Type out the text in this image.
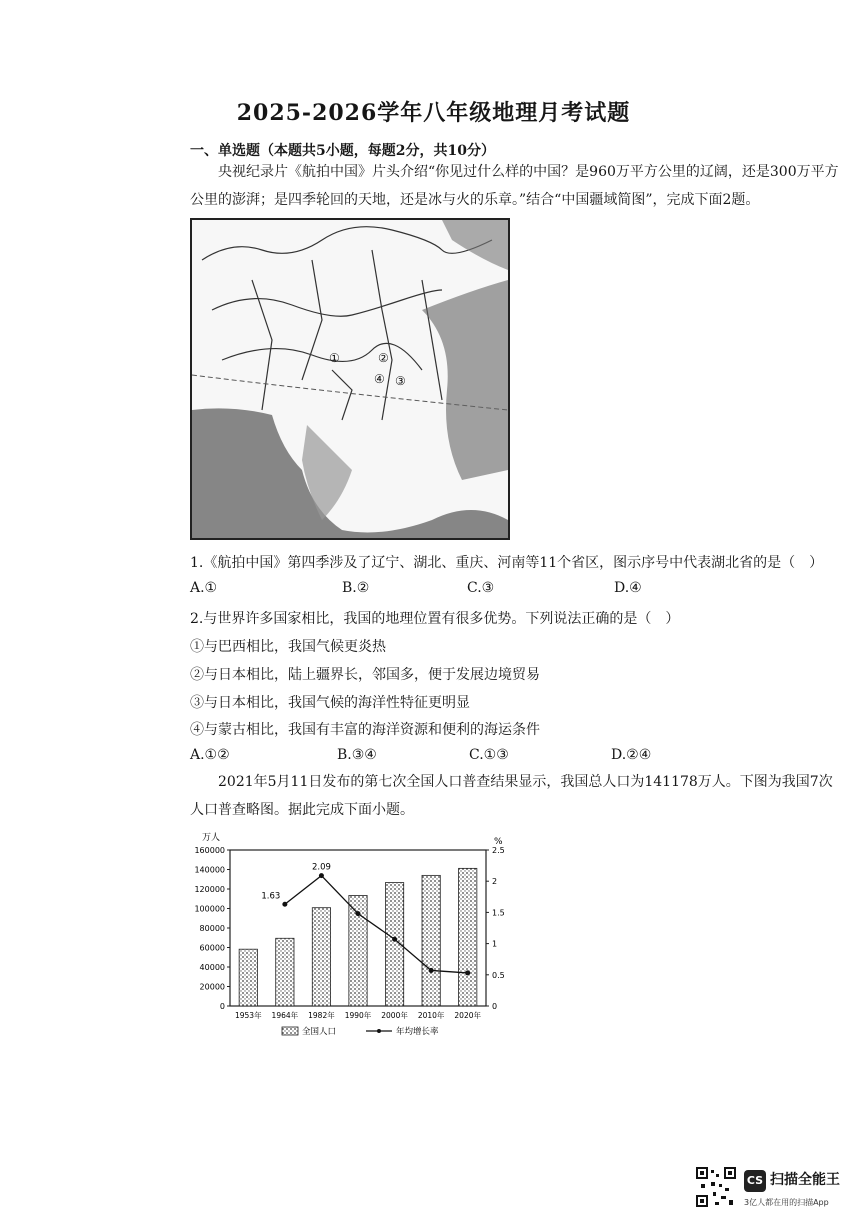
2025-2026学年八年级地理月考试题
一、单选题（本题共5小题，每题2分，共10分）
央视纪录片《航拍中国》片头介绍“你见过什么样的中国？是960万平方公里的辽阔，还是300万平方公里的澎湃；是四季轮回的天地，还是冰与火的乐章。”结合“中国疆域简图”，完成下面2题。
①	②
④ ③
1.《航拍中国》第四季涉及了辽宁、湖北、重庆、河南等11个省区，图示序号中代表湖北省的是（　）
A.①	B.②	C.③	D.④
2.与世界许多国家相比，我国的地理位置有很多优势。下列说法正确的是（　）
①与巴西相比，我国气候更炎热
②与日本相比，陆上疆界长，邻国多，便于发展边境贸易
③与日本相比，我国气候的海洋性特征更明显
④与蒙古相比，我国有丰富的海洋资源和便利的海运条件
A.①②	B.③④	C.①③	D.②④
2021年5月11日发布的第七次全国人口普查结果显示，我国总人口为141178万人。下图为我国7次人口普查略图。据此完成下面小题。
万人	%
0
20000
40000
60000
80000
100000
120000
140000
160000
0
0.5
1
1.5
2
2.5
1953年 1964年 1982年 1990年 2000年 2010年 2020年
1.63
2.09
全国人口	年均增长率
CS 扫描全能王
3亿人都在用的扫描App
